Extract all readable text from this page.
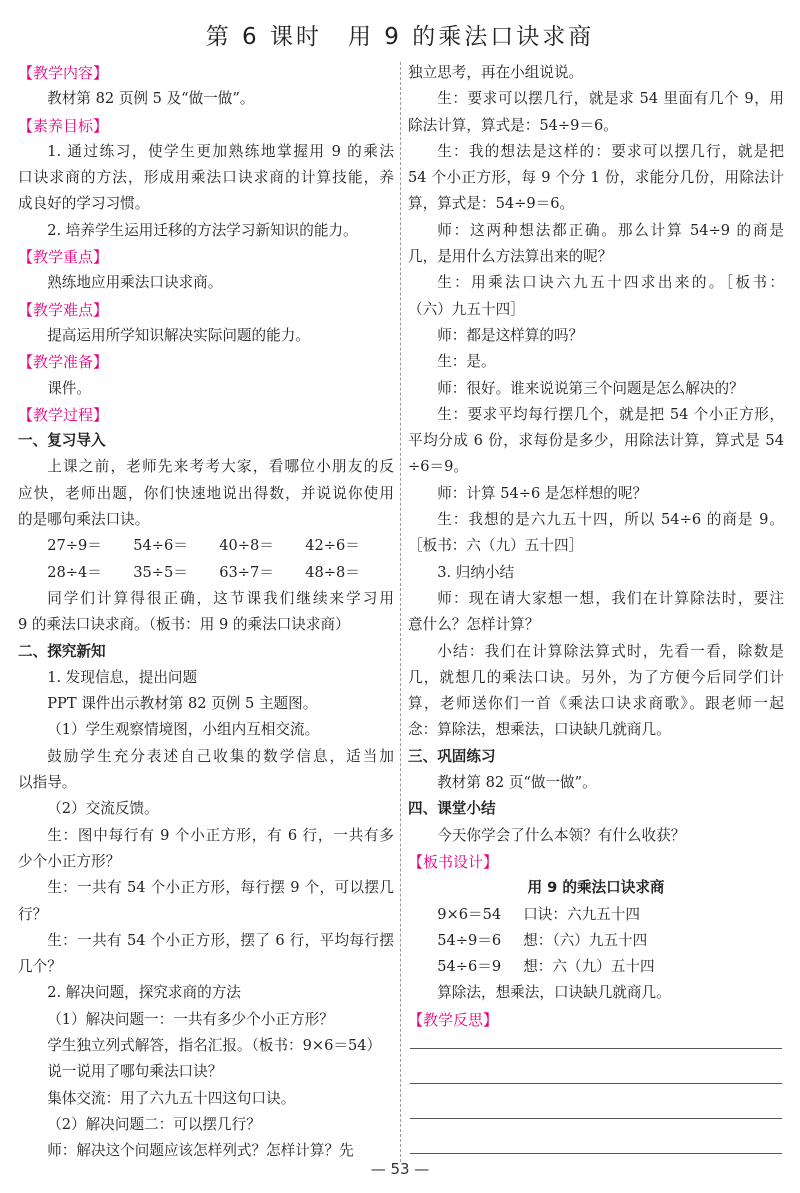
第 6 课时　用 9 的乘法口诀求商
【教学内容】
教材第 82 页例 5 及“做一做”。
【素养目标】
1. 通过练习，使学生更加熟练地掌握用 9 的乘法
口诀求商的方法，形成用乘法口诀求商的计算技能，养
成良好的学习习惯。
2. 培养学生运用迁移的方法学习新知识的能力。
【教学重点】
熟练地应用乘法口诀求商。
【教学难点】
提高运用所学知识解决实际问题的能力。
【教学准备】
课件。
【教学过程】
一、复习导入
上课之前，老师先来考考大家，看哪位小朋友的反
应快，老师出题，你们快速地说出得数，并说说你使用
的是哪句乘法口诀。
27÷9＝	54÷6＝	40÷8＝	42÷6＝
28÷4＝	35÷5＝	63÷7＝	48÷8＝
同学们计算得很正确，这节课我们继续来学习用
9 的乘法口诀求商。（板书：用 9 的乘法口诀求商）
二、探究新知
1. 发现信息，提出问题
PPT 课件出示教材第 82 页例 5 主题图。
（1）学生观察情境图，小组内互相交流。
鼓励学生充分表述自己收集的数学信息，适当加
以指导。
（2）交流反馈。
生：图中每行有 9 个小正方形，有 6 行，一共有多
少个小正方形？
生：一共有 54 个小正方形，每行摆 9 个，可以摆几
行？
生：一共有 54 个小正方形，摆了 6 行，平均每行摆
几个？
2. 解决问题，探究求商的方法
（1）解决问题一：一共有多少个小正方形？
学生独立列式解答，指名汇报。（板书：9×6＝54）
说一说用了哪句乘法口诀？
集体交流：用了六九五十四这句口诀。
（2）解决问题二：可以摆几行？
师：解决这个问题应该怎样列式？怎样计算？先
独立思考，再在小组说说。
生：要求可以摆几行，就是求 54 里面有几个 9，用
除法计算，算式是：54÷9＝6。
生：我的想法是这样的：要求可以摆几行，就是把
54 个小正方形，每 9 个分 1 份，求能分几份，用除法计
算，算式是：54÷9＝6。
师：这两种想法都正确。那么计算 54÷9 的商是
几，是用什么方法算出来的呢？
生：用乘法口诀六九五十四求出来的。［板书：
（六）九五十四］
师：都是这样算的吗？
生：是。
师：很好。谁来说说第三个问题是怎么解决的？
生：要求平均每行摆几个，就是把 54 个小正方形，
平均分成 6 份，求每份是多少，用除法计算，算式是 54
÷6＝9。
师：计算 54÷6 是怎样想的呢？
生：我想的是六九五十四，所以 54÷6 的商是 9。
［板书：六（九）五十四］
3. 归纳小结
师：现在请大家想一想，我们在计算除法时，要注
意什么？怎样计算？
小结：我们在计算除法算式时，先看一看，除数是
几，就想几的乘法口诀。另外，为了方便今后同学们计
算，老师送你们一首《乘法口诀求商歌》。跟老师一起
念：算除法，想乘法，口诀缺几就商几。
三、巩固练习
教材第 82 页“做一做”。
四、课堂小结
今天你学会了什么本领？有什么收获？
【板书设计】
用 9 的乘法口诀求商
9×6＝54	口诀：六九五十四
54÷9＝6	想：（六）九五十四
54÷6＝9	想：六（九）五十四
算除法，想乘法，口诀缺几就商几。
【教学反思】
— 53 —
